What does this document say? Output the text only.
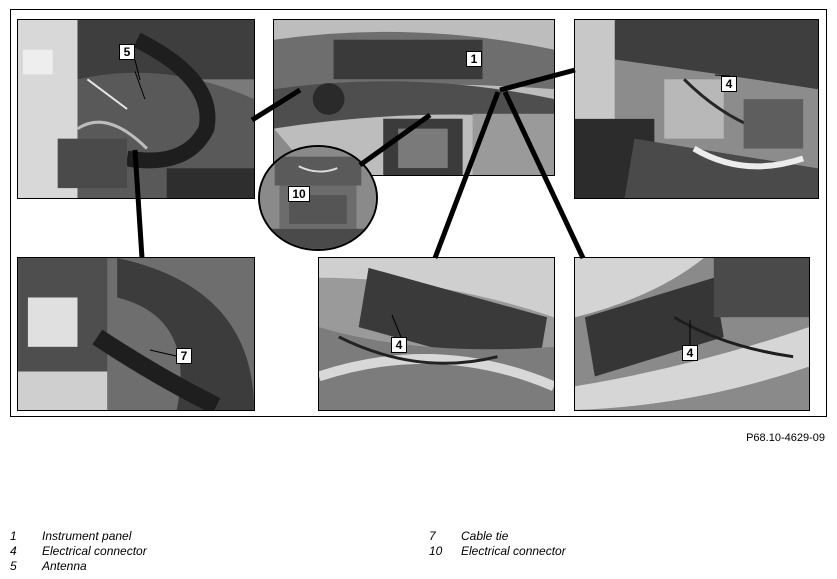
5	1
4
10
7
4
4
P68.10-4629-09
1 Instrument panel
4 Electrical connector
5 Antenna
7 Cable tie
10 Electrical connector
